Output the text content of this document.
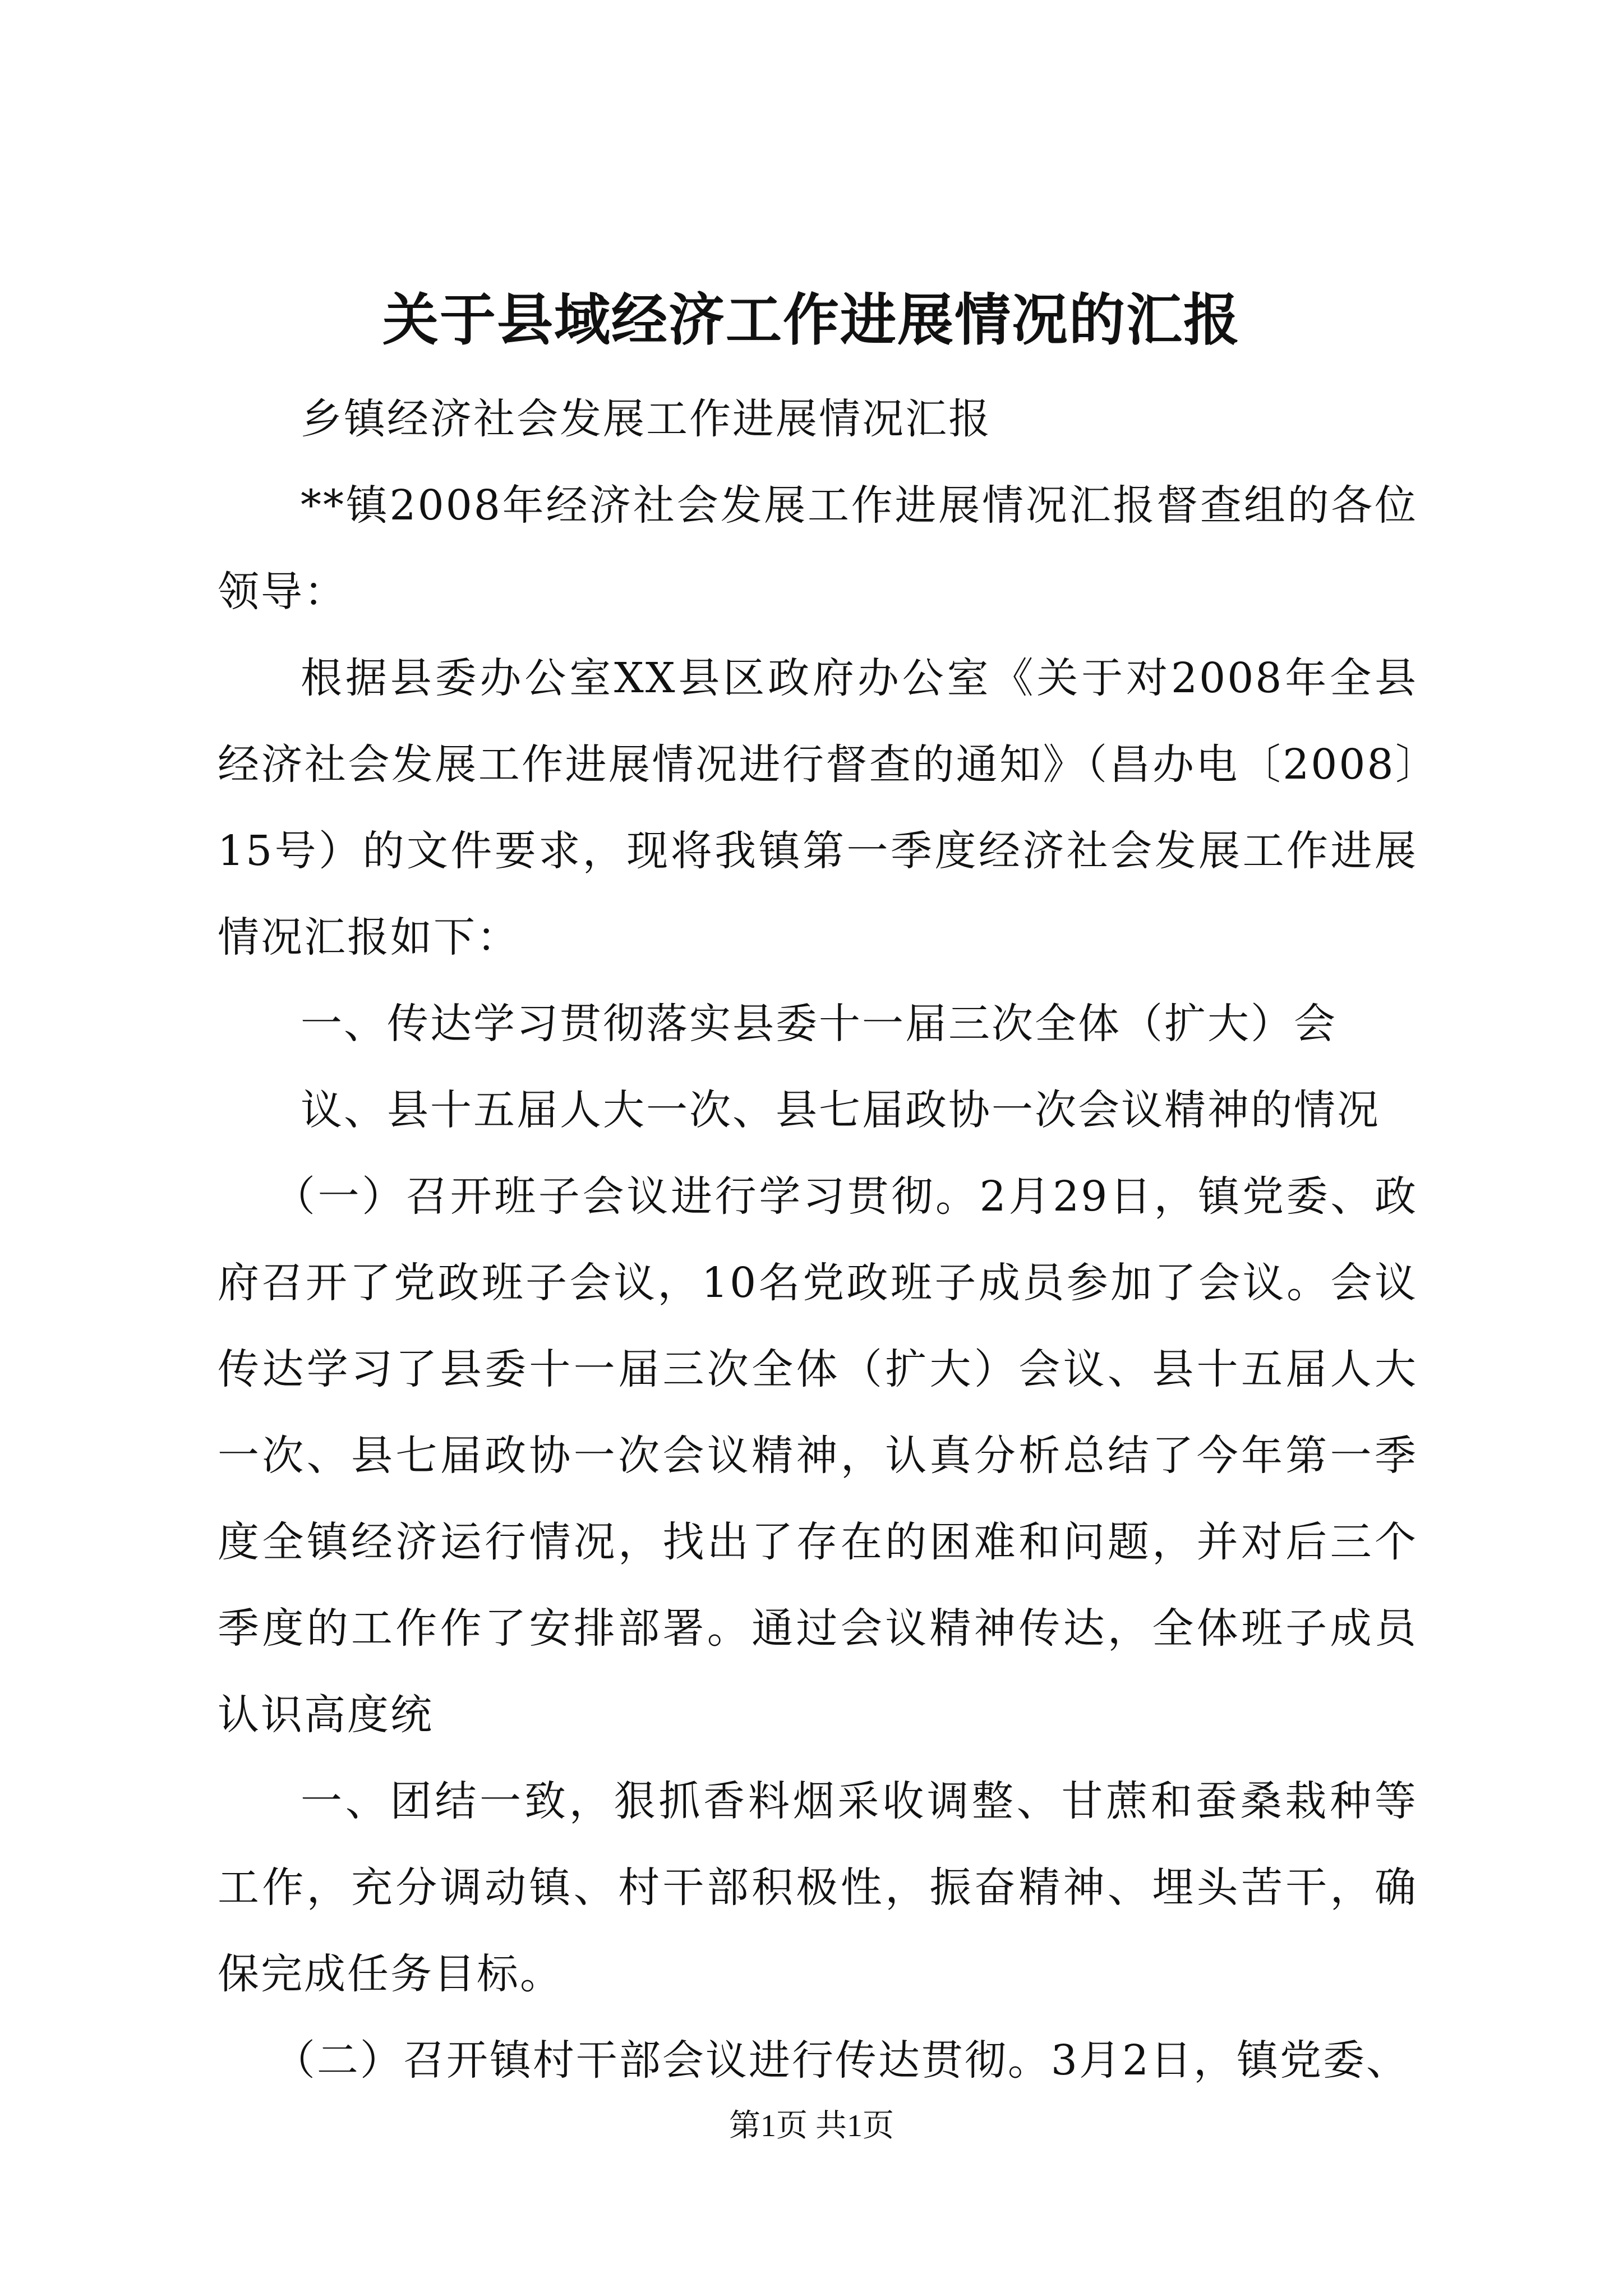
关于县域经济工作进展情况的汇报

乡镇经济社会发展工作进展情况汇报

**镇2008年经济社会发展工作进展情况汇报督查组的各位领导：

根据县委办公室XX县区政府办公室《关于对2008年全县经济社会发展工作进展情况进行督查的通知》（昌办电〔2008〕15号）的文件要求，现将我镇第一季度经济社会发展工作进展情况汇报如下：

一、传达学习贯彻落实县委十一届三次全体（扩大）会

议、县十五届人大一次、县七届政协一次会议精神的情况

（一）召开班子会议进行学习贯彻。2月29日，镇党委、政府召开了党政班子会议，10名党政班子成员参加了会议。会议传达学习了县委十一届三次全体（扩大）会议、县十五届人大一次、县七届政协一次会议精神，认真分析总结了今年第一季度全镇经济运行情况，找出了存在的困难和问题，并对后三个季度的工作作了安排部署。通过会议精神传达，全体班子成员认识高度统

一、团结一致，狠抓香料烟采收调整、甘蔗和蚕桑栽种等工作，充分调动镇、村干部积极性，振奋精神、埋头苦干，确保完成任务目标。

（二）召开镇村干部会议进行传达贯彻。3月2日，镇党委、

第1页 共1页
